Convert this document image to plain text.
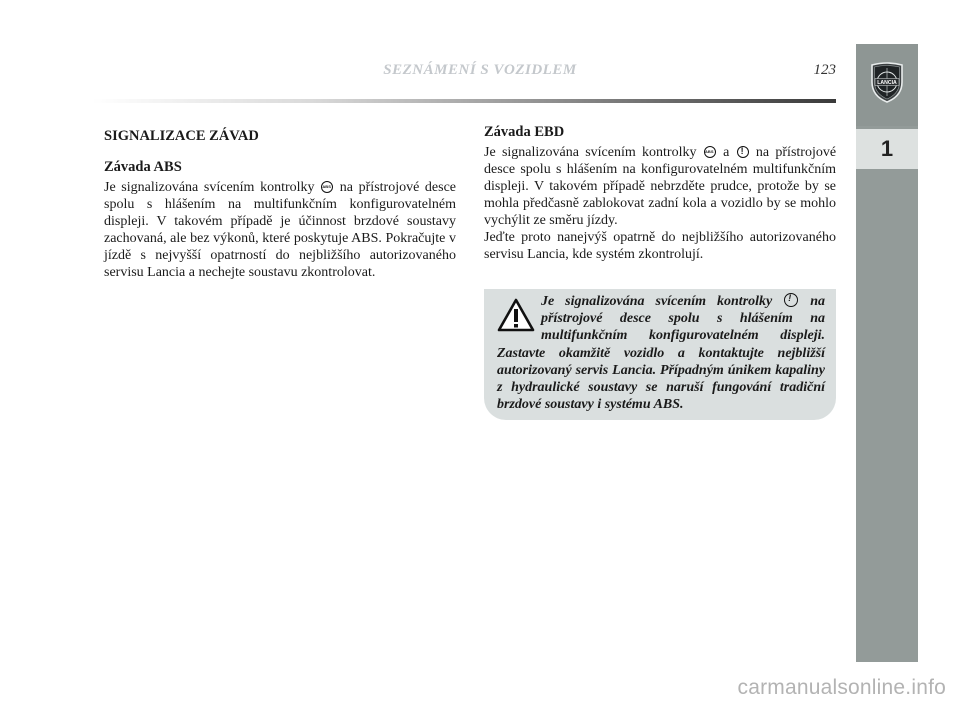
SEZNÁMENÍ S VOZIDLEM	123
LANCIA
1
SIGNALIZACE ZÁVAD
Závada ABS

Je signalizována svícením kontrolky ABS na přístrojové desce spolu s hlášením na multifunkčním konfigurovatelném displeji. V takovém případě je účinnost brzdové soustavy zachovaná, ale bez výkonů, které poskytuje ABS. Pokračujte v jízdě s nejvyšší opatrností do nejbližšího autorizovaného servisu Lancia a nechejte soustavu zkontrolovat.

Závada EBD

Je signalizována svícením kontrolky ABS a ! na přístrojové desce spolu s hlášením na konfigurovatelném multifunkčním displeji. V takovém případě nebrzděte prudce, protože by se mohla předčasně zablokovat zadní kola a vozidlo by se mohlo vychýlit ze směru jízdy.
Jeďte proto nanejvýš opatrně do nejbližšího autorizovaného servisu Lancia, kde systém zkontrolují.

Je signalizována svícením kontrolky !	na přístrojové desce spolu s hlášením na multifunkčním konfigurovatelném displeji. Zastavte okamžitě vozidlo a kontaktujte nejbližší autorizovaný servis Lancia. Případným únikem kapaliny z hydraulické soustavy se naruší fungování tradiční brzdové soustavy i systému ABS.

carmanualsonline.info
